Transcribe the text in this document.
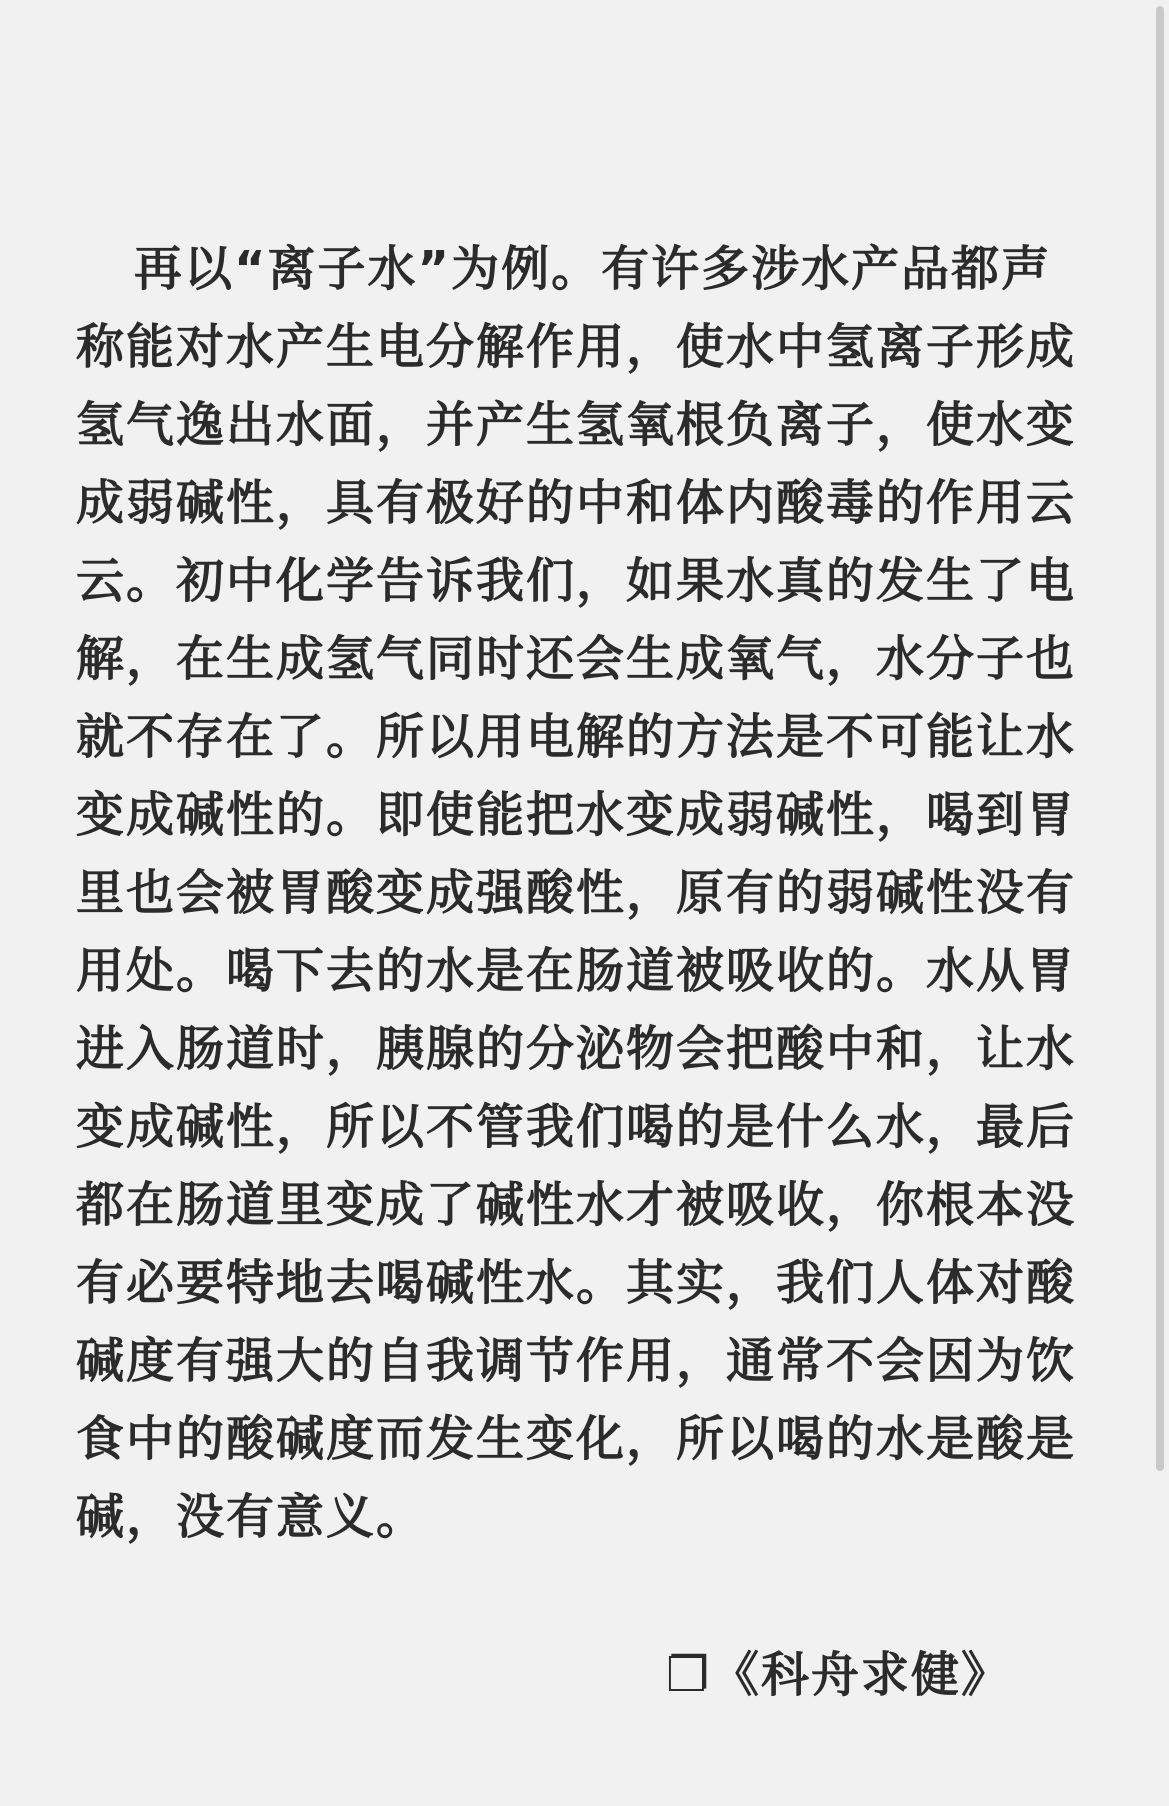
再以“离子水”为例。有许多涉水产品都声
称能对水产生电分解作用，使水中氢离子形成
氢气逸出水面，并产生氢氧根负离子，使水变
成弱碱性，具有极好的中和体内酸毒的作用云
云。初中化学告诉我们，如果水真的发生了电
解，在生成氢气同时还会生成氧气，水分子也
就不存在了。所以用电解的方法是不可能让水
变成碱性的。即使能把水变成弱碱性，喝到胃
里也会被胃酸变成强酸性，原有的弱碱性没有
用处。喝下去的水是在肠道被吸收的。水从胃
进入肠道时，胰腺的分泌物会把酸中和，让水
变成碱性，所以不管我们喝的是什么水，最后
都在肠道里变成了碱性水才被吸收，你根本没
有必要特地去喝碱性水。其实，我们人体对酸
碱度有强大的自我调节作用，通常不会因为饮
食中的酸碱度而发生变化，所以喝的水是酸是
碱，没有意义。
❐《科舟求健》
